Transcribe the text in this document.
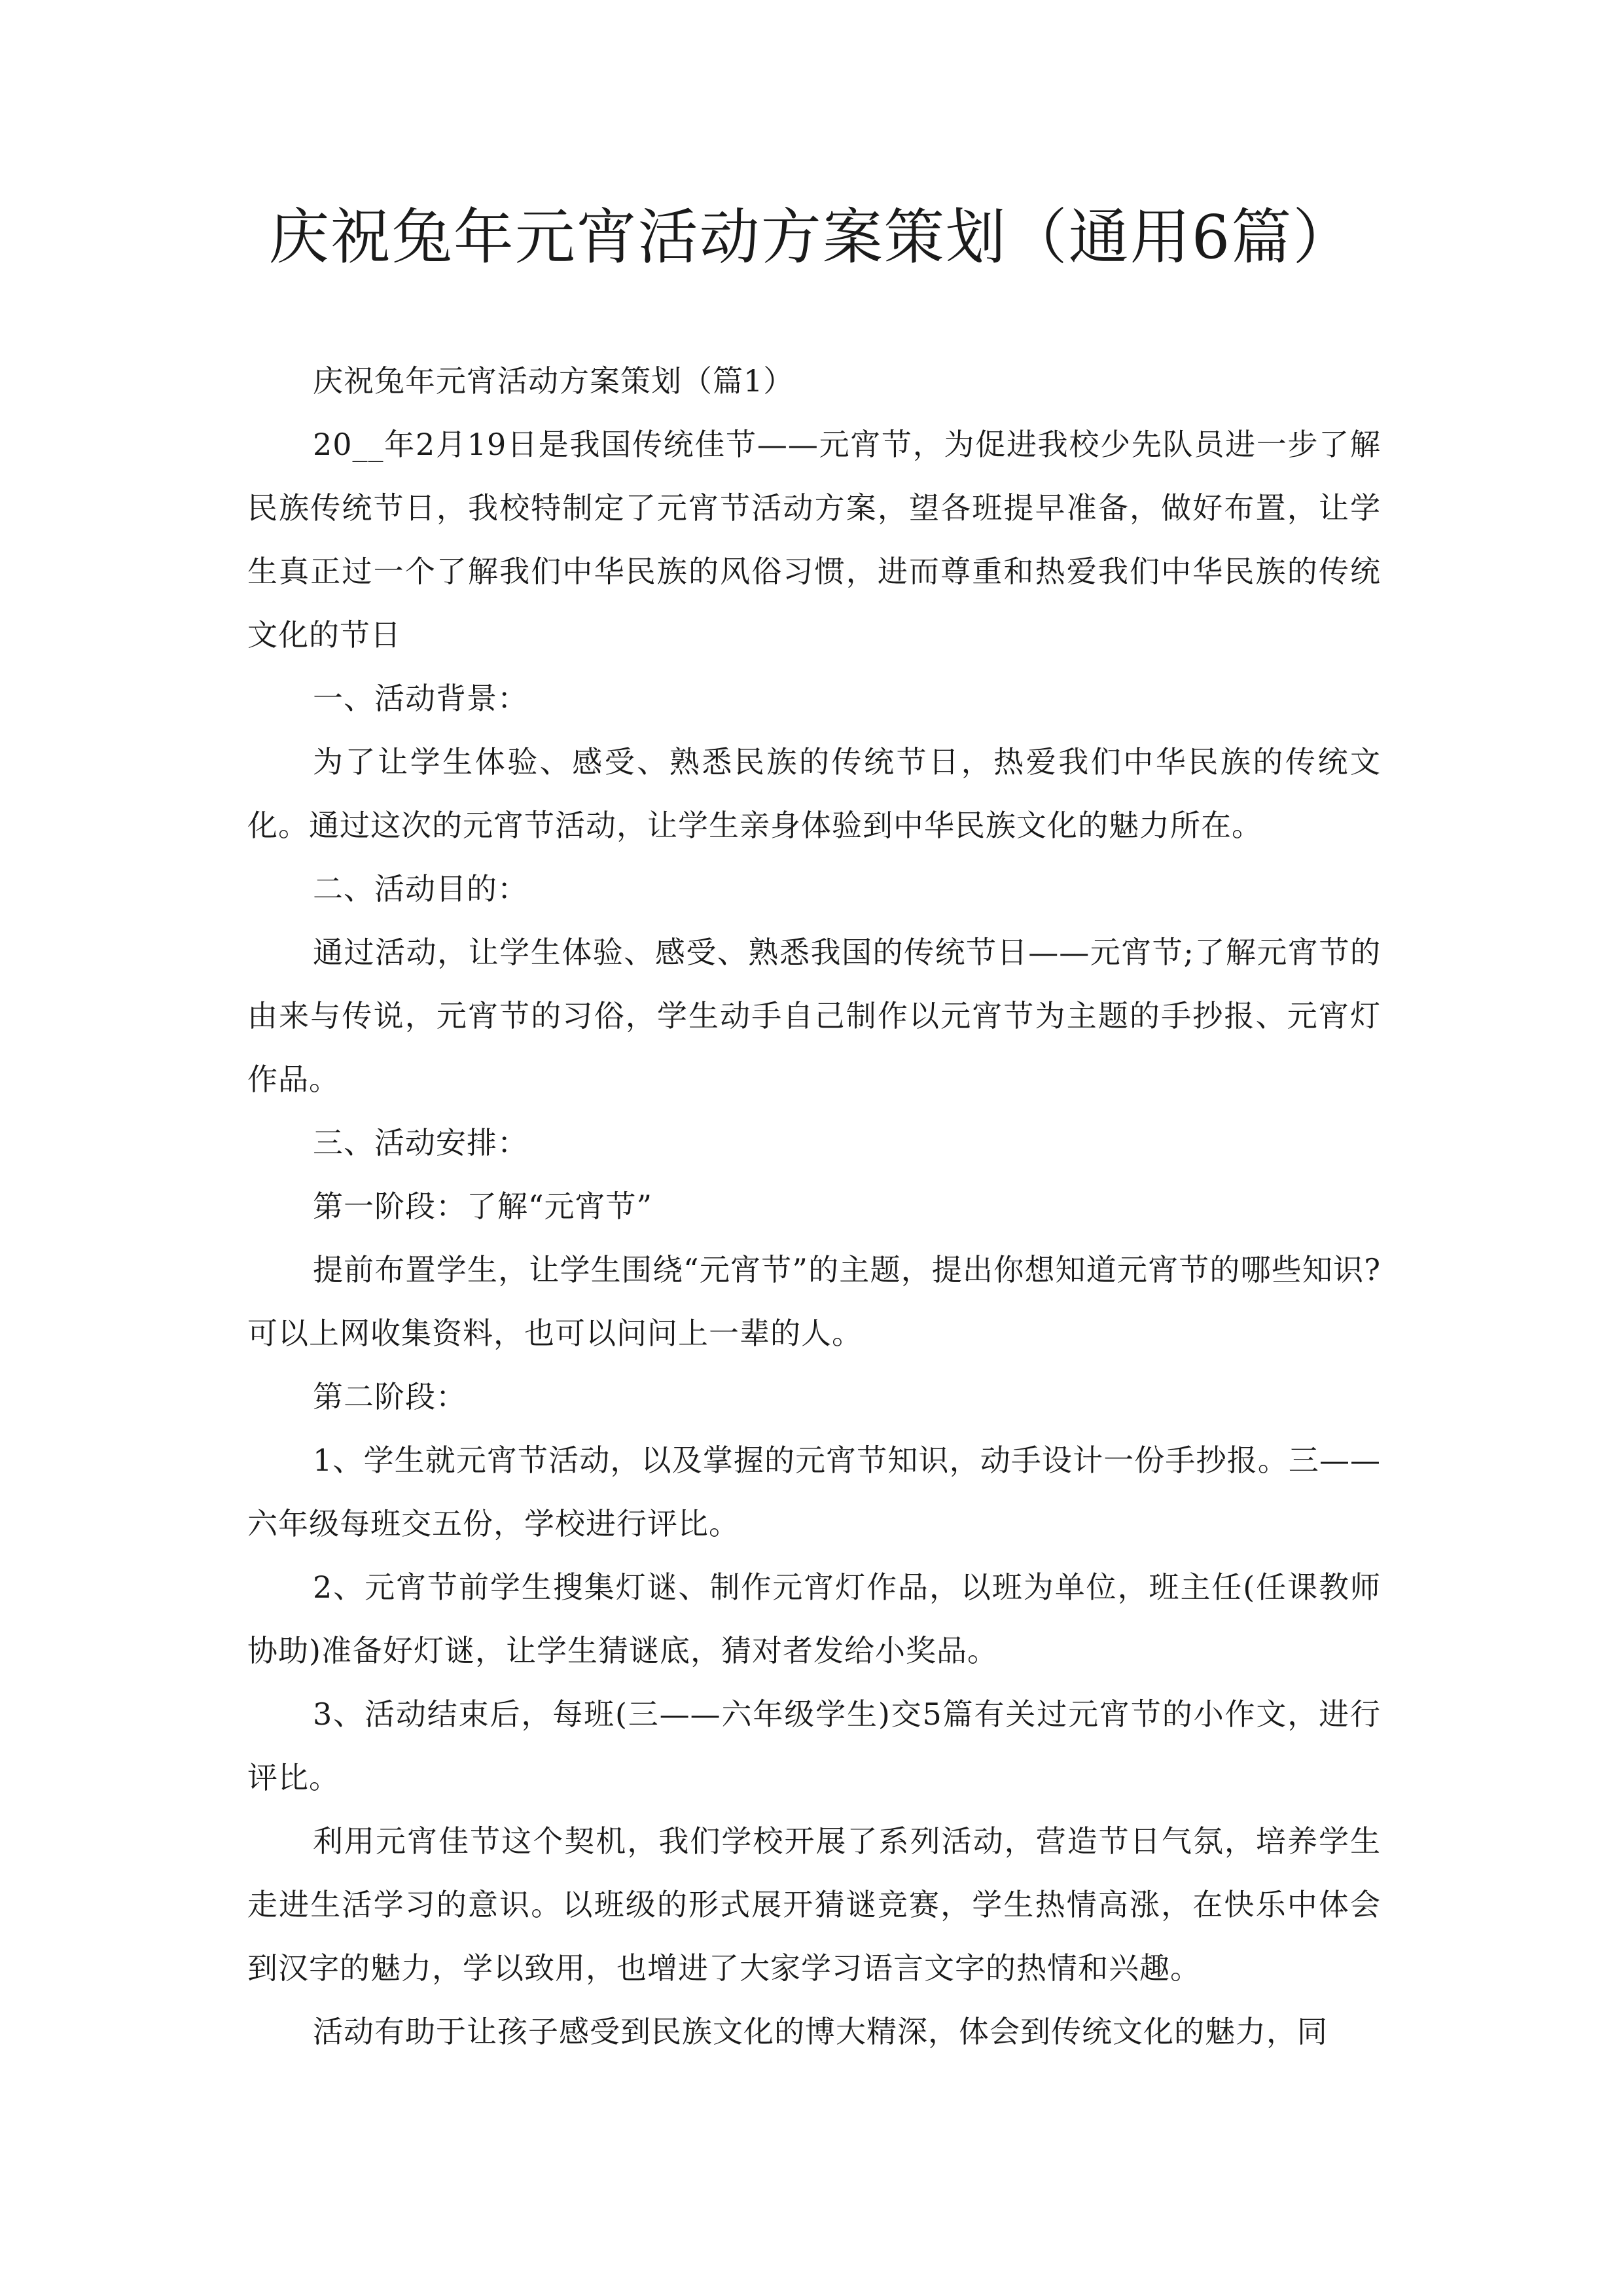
庆祝兔年元宵活动方案策划（通用6篇）

庆祝兔年元宵活动方案策划（篇1）

20__年2月19日是我国传统佳节——元宵节，为促进我校少先队员进一步了解民族传统节日，我校特制定了元宵节活动方案，望各班提早准备，做好布置，让学生真正过一个了解我们中华民族的风俗习惯，进而尊重和热爱我们中华民族的传统文化的节日

一、活动背景：

为了让学生体验、感受、熟悉民族的传统节日，热爱我们中华民族的传统文化。通过这次的元宵节活动，让学生亲身体验到中华民族文化的魅力所在。

二、活动目的：

通过活动，让学生体验、感受、熟悉我国的传统节日——元宵节;了解元宵节的由来与传说，元宵节的习俗，学生动手自己制作以元宵节为主题的手抄报、元宵灯作品。

三、活动安排：

第一阶段：了解“元宵节”

提前布置学生，让学生围绕“元宵节”的主题，提出你想知道元宵节的哪些知识?可以上网收集资料，也可以问问上一辈的人。

第二阶段：

1、学生就元宵节活动，以及掌握的元宵节知识，动手设计一份手抄报。三——六年级每班交五份，学校进行评比。

2、元宵节前学生搜集灯谜、制作元宵灯作品，以班为单位，班主任(任课教师协助)准备好灯谜，让学生猜谜底，猜对者发给小奖品。

3、活动结束后，每班(三——六年级学生)交5篇有关过元宵节的小作文，进行评比。

利用元宵佳节这个契机，我们学校开展了系列活动，营造节日气氛，培养学生走进生活学习的意识。以班级的形式展开猜谜竞赛，学生热情高涨，在快乐中体会到汉字的魅力，学以致用，也增进了大家学习语言文字的热情和兴趣。

活动有助于让孩子感受到民族文化的博大精深，体会到传统文化的魅力，同
